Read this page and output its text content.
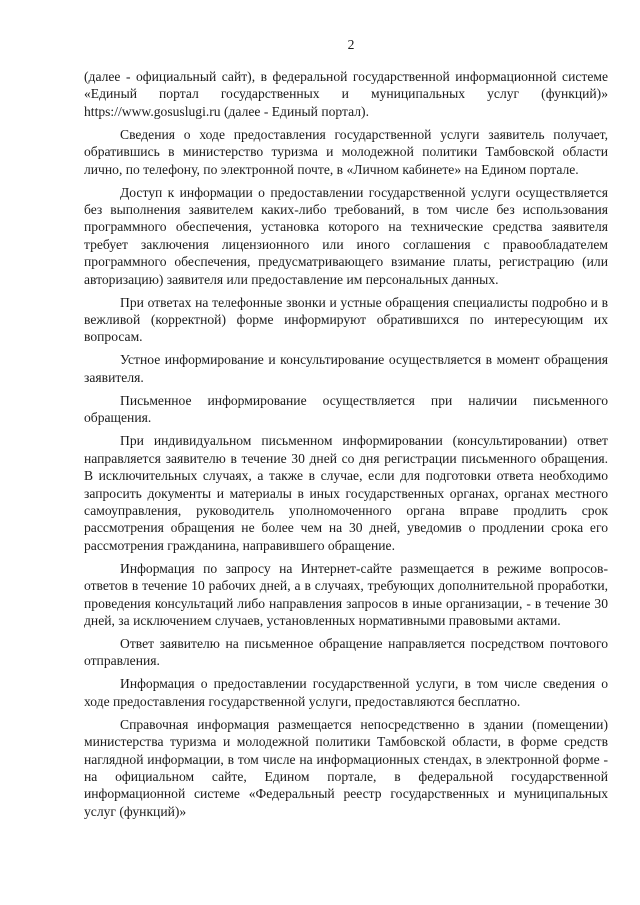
2

(далее - официальный сайт), в федеральной государственной информационной системе «Единый портал государственных и муниципальных услуг (функций)» https://www.gosuslugi.ru (далее - Единый портал).

Сведения о ходе предоставления государственной услуги заявитель получает, обратившись в министерство туризма и молодежной политики Тамбовской области лично, по телефону, по электронной почте, в «Личном кабинете» на Едином портале.

Доступ к информации о предоставлении государственной услуги осуществляется без выполнения заявителем каких-либо требований, в том числе без использования программного обеспечения, установка которого на технические средства заявителя требует заключения лицензионного или иного соглашения с правообладателем программного обеспечения, предусматривающего взимание платы, регистрацию (или авторизацию) заявителя или предоставление им персональных данных.

При ответах на телефонные звонки и устные обращения специалисты подробно и в вежливой (корректной) форме информируют обратившихся по интересующим их вопросам.

Устное информирование и консультирование осуществляется в момент обращения заявителя.

Письменное информирование осуществляется при наличии письменного обращения.

При индивидуальном письменном информировании (консультировании) ответ направляется заявителю в течение 30 дней со дня регистрации письменного обращения. В исключительных случаях, а также в случае, если для подготовки ответа необходимо запросить документы и материалы в иных государственных органах, органах местного самоуправления, руководитель уполномоченного органа вправе продлить срок рассмотрения обращения не более чем на 30 дней, уведомив о продлении срока его рассмотрения гражданина, направившего обращение.

Информация по запросу на Интернет-сайте размещается в режиме вопросов-ответов в течение 10 рабочих дней, а в случаях, требующих дополнительной проработки, проведения консультаций либо направления запросов в иные организации, - в течение 30 дней, за исключением случаев, установленных нормативными правовыми актами.

Ответ заявителю на письменное обращение направляется посредством почтового отправления.

Информация о предоставлении государственной услуги, в том числе сведения о ходе предоставления государственной услуги, предоставляются бесплатно.

Справочная информация размещается непосредственно в здании (помещении) министерства туризма и молодежной политики Тамбовской области, в форме средств наглядной информации, в том числе на информационных стендах, в электронной форме - на официальном сайте, Едином портале, в федеральной государственной информационной системе «Федеральный реестр государственных и муниципальных услуг (функций)»
